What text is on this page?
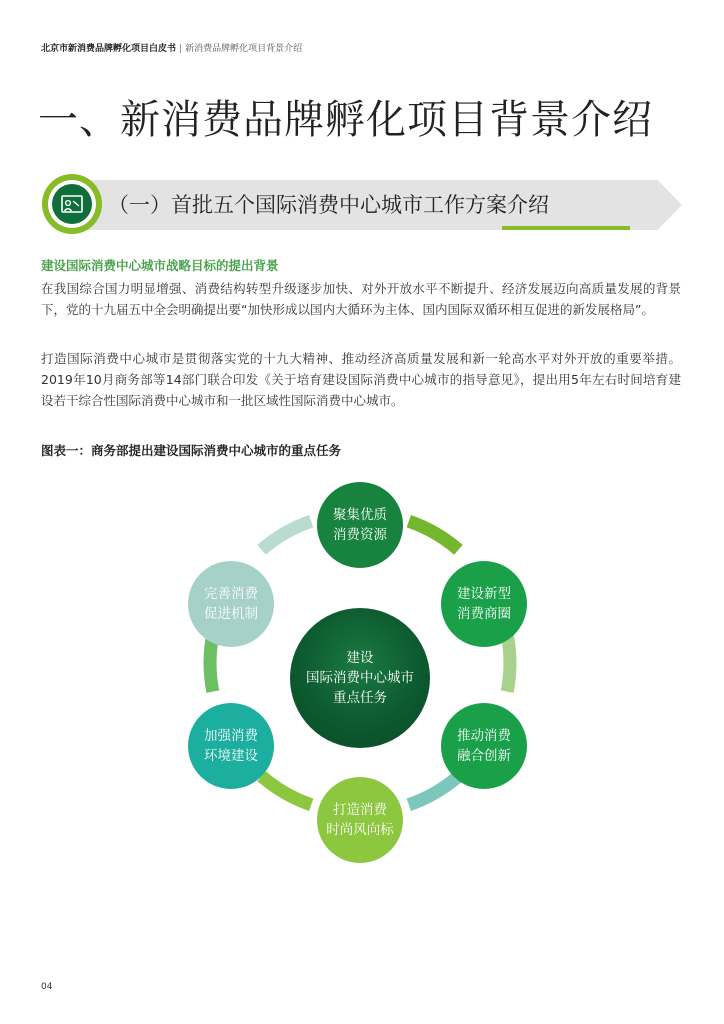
北京市新消费品牌孵化项目白皮书 | 新消费品牌孵化项目背景介绍
一、新消费品牌孵化项目背景介绍
（一）首批五个国际消费中心城市工作方案介绍
建设国际消费中心城市战略目标的提出背景

在我国综合国力明显增强、消费结构转型升级逐步加快、对外开放水平不断提升、经济发展迈向高质量发展的背景下，党的十九届五中全会明确提出要“加快形成以国内大循环为主体、国内国际双循环相互促进的新发展格局”。

打造国际消费中心城市是贯彻落实党的十九大精神、推动经济高质量发展和新一轮高水平对外开放的重要举措。2019年10月商务部等14部门联合印发《关于培育建设国际消费中心城市的指导意见》，提出用5年左右时间培育建设若干综合性国际消费中心城市和一批区域性国际消费中心城市。

图表一：商务部提出建设国际消费中心城市的重点任务
聚集优质
消费资源
建设新型
消费商圈
推动消费
融合创新
打造消费
时尚风向标
加强消费
环境建设
完善消费
促进机制
建设
国际消费中心城市
重点任务
04
